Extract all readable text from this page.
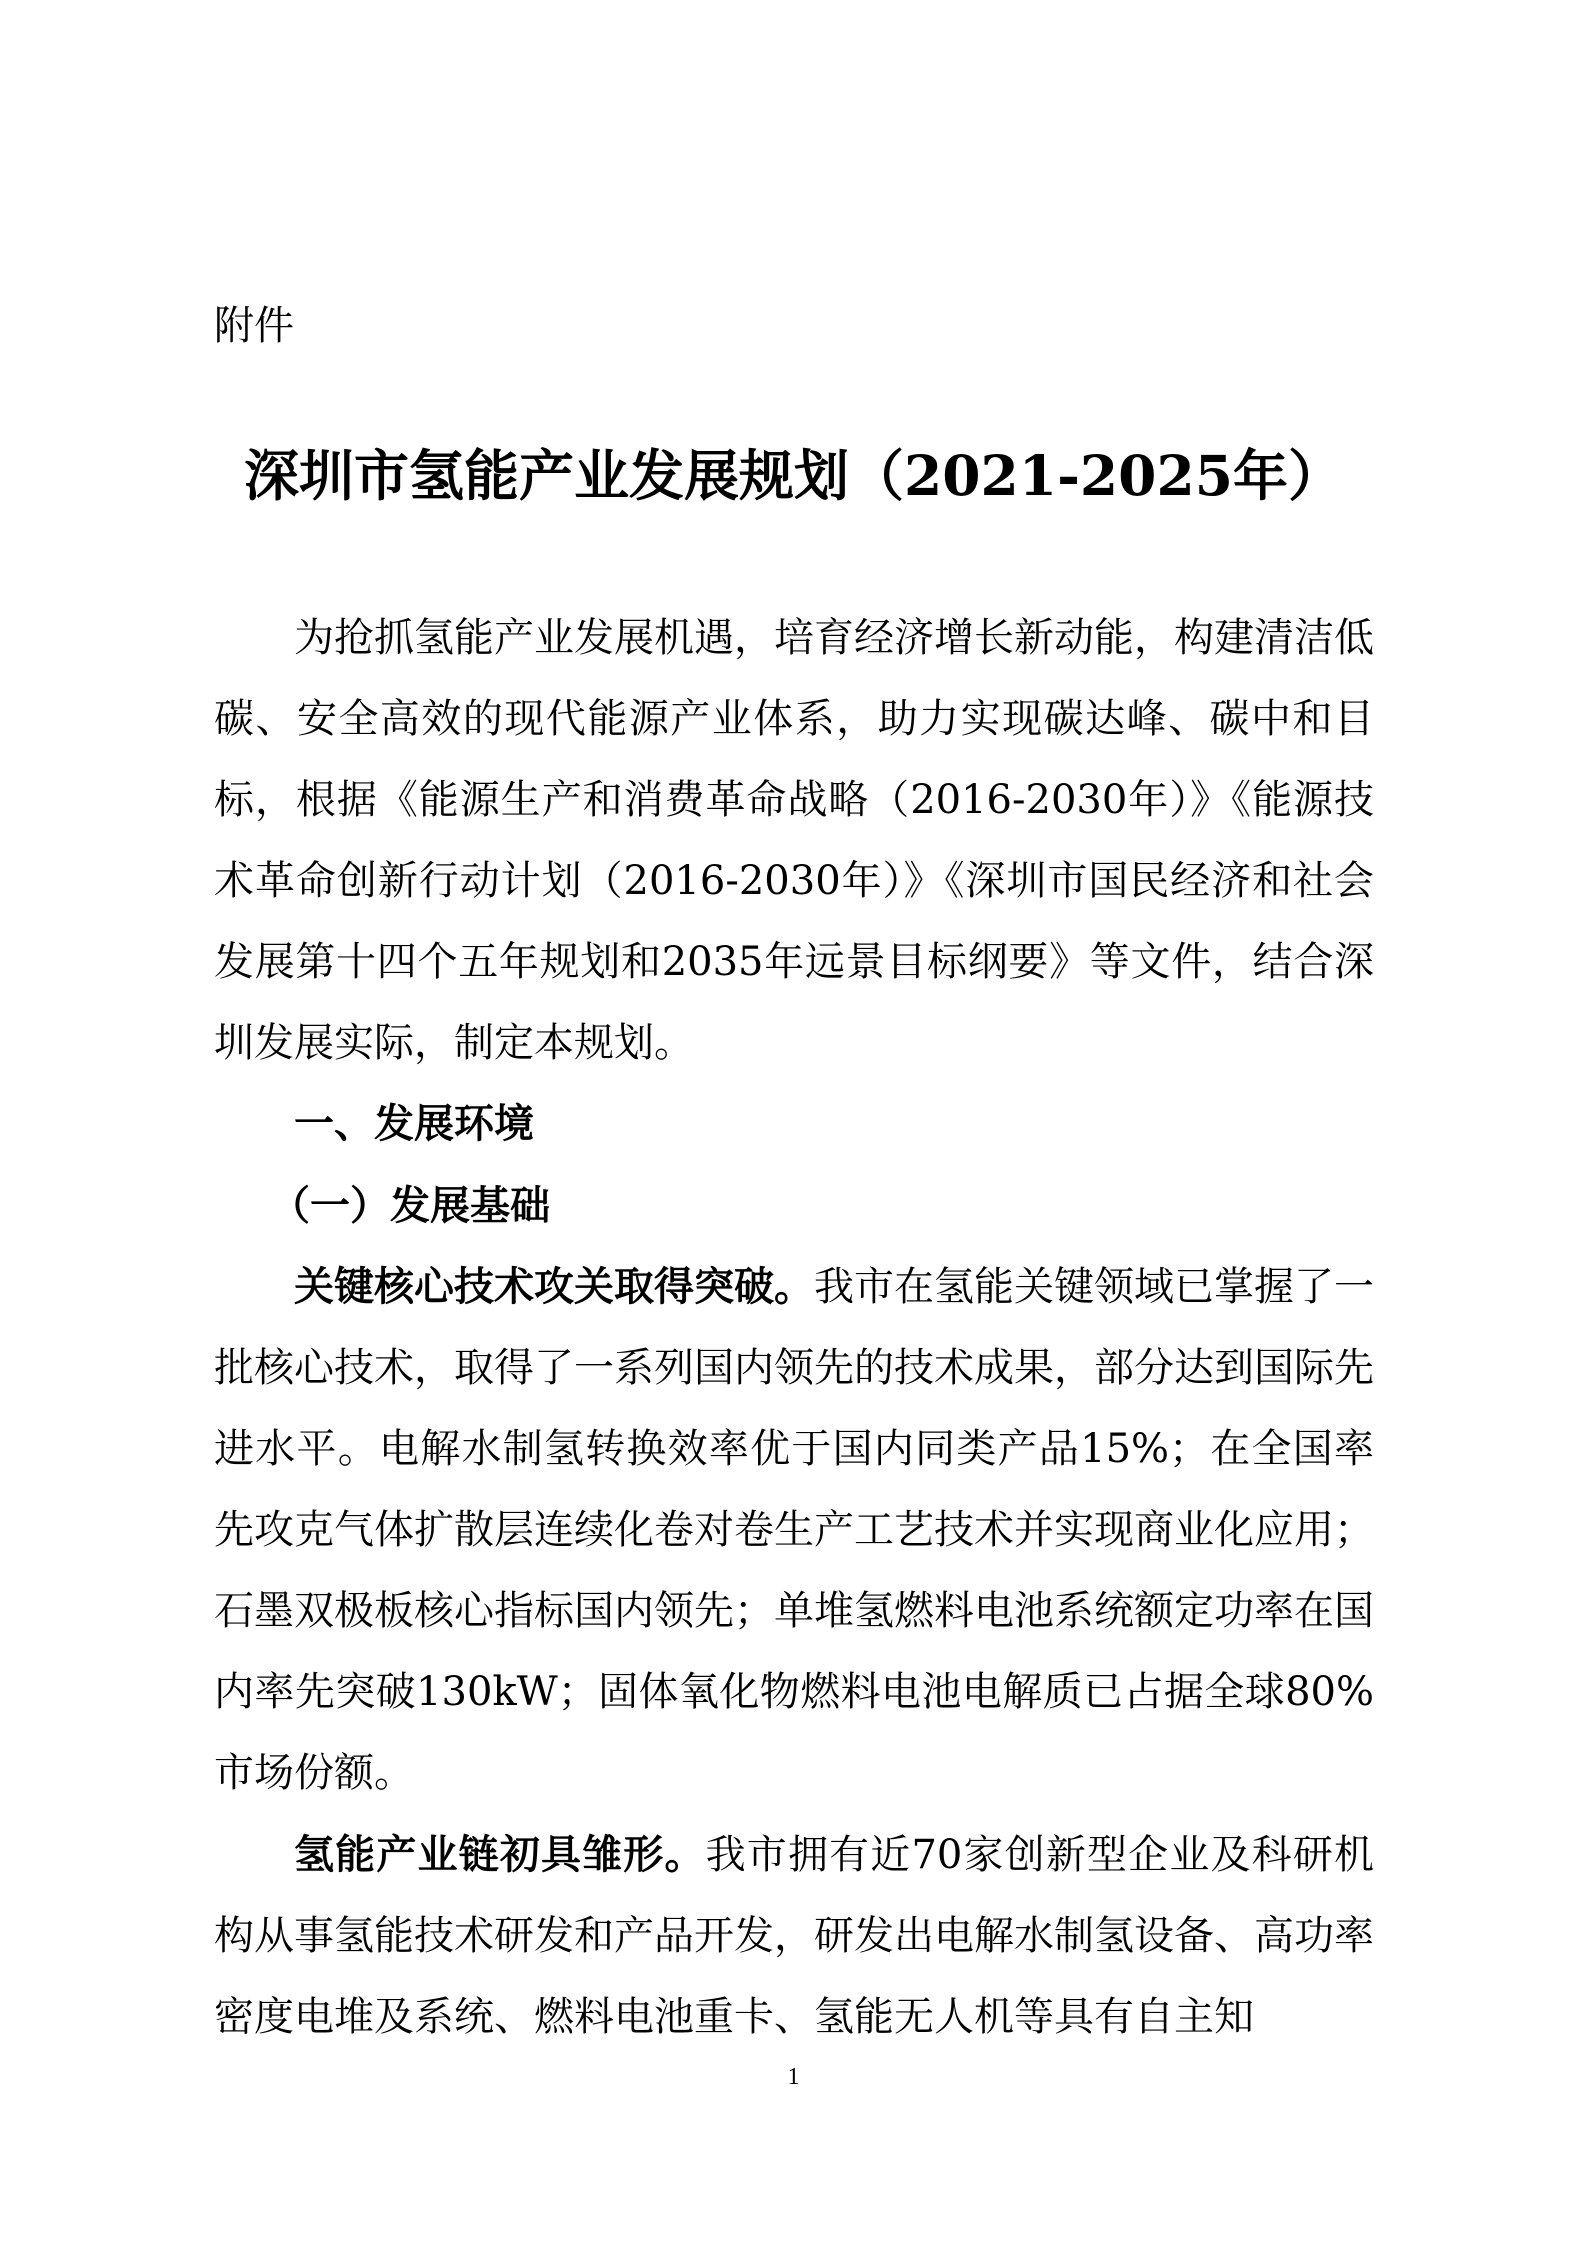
附件

深圳市氢能产业发展规划（2021-2025年）

为抢抓氢能产业发展机遇，培育经济增长新动能，构建清洁低碳、安全高效的现代能源产业体系，助力实现碳达峰、碳中和目标，根据《能源生产和消费革命战略（2016-2030年）》《能源技术革命创新行动计划（2016-2030年）》《深圳市国民经济和社会发展第十四个五年规划和2035年远景目标纲要》等文件，结合深圳发展实际，制定本规划。

一、发展环境

（一）发展基础

关键核心技术攻关取得突破。我市在氢能关键领域已掌握了一批核心技术，取得了一系列国内领先的技术成果，部分达到国际先进水平。电解水制氢转换效率优于国内同类产品15%；在全国率先攻克气体扩散层连续化卷对卷生产工艺技术并实现商业化应用；石墨双极板核心指标国内领先；单堆氢燃料电池系统额定功率在国内率先突破130kW；固体氧化物燃料电池电解质已占据全球80%市场份额。

氢能产业链初具雏形。我市拥有近70家创新型企业及科研机构从事氢能技术研发和产品开发，研发出电解水制氢设备、高功率密度电堆及系统、燃料电池重卡、氢能无人机等具有自主知

1
